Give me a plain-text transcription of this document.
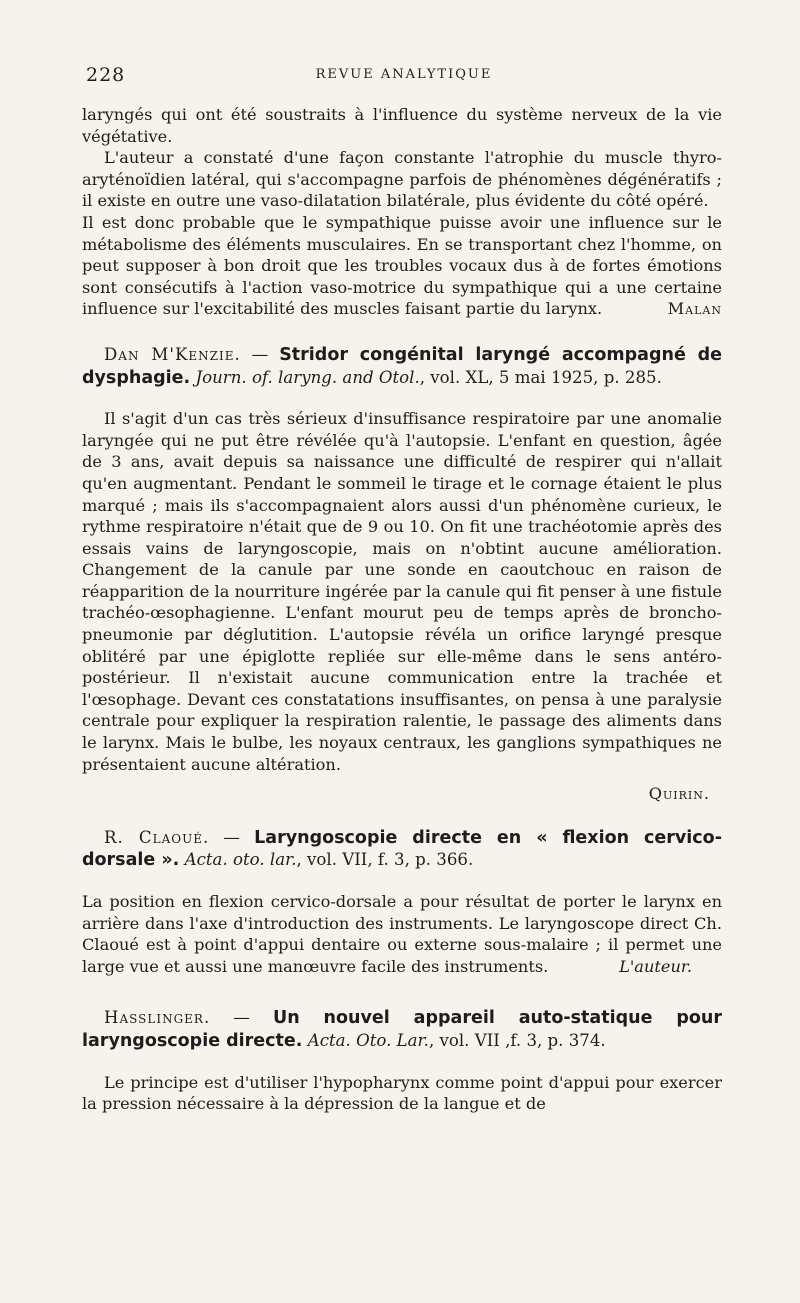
228	REVUE ANALYTIQUE

laryngés qui ont été soustraits à l'influence du système nerveux de la vie végétative.

L'auteur a constaté d'une façon constante l'atrophie du muscle thyro-aryténoïdien latéral, qui s'accompagne parfois de phénomènes dégénératifs ; il existe en outre une vaso-dilatation bilatérale, plus évidente du côté opéré.

Il est donc probable que le sympathique puisse avoir une influence sur le métabolisme des éléments musculaires. En se transportant chez l'homme, on peut supposer à bon droit que les troubles vocaux dus à de fortes émotions sont consécutifs à l'action vaso-motrice du sympathique qui a une certaine influence sur l'excitabilité des muscles faisant partie du larynx.	Malan

Dan M'Kenzie. — Stridor congénital laryngé accompagné de dysphagie. Journ. of. laryng. and Otol., vol. XL, 5 mai 1925, p. 285.

Il s'agit d'un cas très sérieux d'insuffisance respiratoire par une anomalie laryngée qui ne put être révélée qu'à l'autopsie. L'enfant en question, âgée de 3 ans, avait depuis sa naissance une difficulté de respirer qui n'allait qu'en augmentant. Pendant le sommeil le tirage et le cornage étaient le plus marqué ; mais ils s'accompagnaient alors aussi d'un phénomène curieux, le rythme respiratoire n'était que de 9 ou 10. On fit une trachéotomie après des essais vains de laryngoscopie, mais on n'obtint aucune amélioration. Changement de la canule par une sonde en caoutchouc en raison de réapparition de la nourriture ingérée par la canule qui fit penser à une fistule trachéo-œsophagienne. L'enfant mourut peu de temps après de broncho-pneumonie par déglutition. L'autopsie révéla un orifice laryngé presque oblitéré par une épiglotte repliée sur elle-même dans le sens antéro-postérieur. Il n'existait aucune communication entre la trachée et l'œsophage. Devant ces constatations insuffisantes, on pensa à une paralysie centrale pour expliquer la respiration ralentie, le passage des aliments dans le larynx. Mais le bulbe, les noyaux centraux, les ganglions sympathiques ne présentaient aucune altération.

Quirin.

R. Claoué. — Laryngoscopie directe en « flexion cervico-dorsale ». Acta. oto. lar., vol. VII, f. 3, p. 366.

La position en flexion cervico-dorsale a pour résultat de porter le larynx en arrière dans l'axe d'introduction des instruments. Le laryngoscope direct Ch. Claoué est à point d'appui dentaire ou externe sous-malaire ; il permet une large vue et aussi une manœuvre facile des instruments.	L'auteur.

Hasslinger. — Un nouvel appareil auto-statique pour laryngoscopie directe. Acta. Oto. Lar., vol. VII ,f. 3, p. 374.

Le principe est d'utiliser l'hypopharynx comme point d'appui pour exercer la pression nécessaire à la dépression de la langue et de
